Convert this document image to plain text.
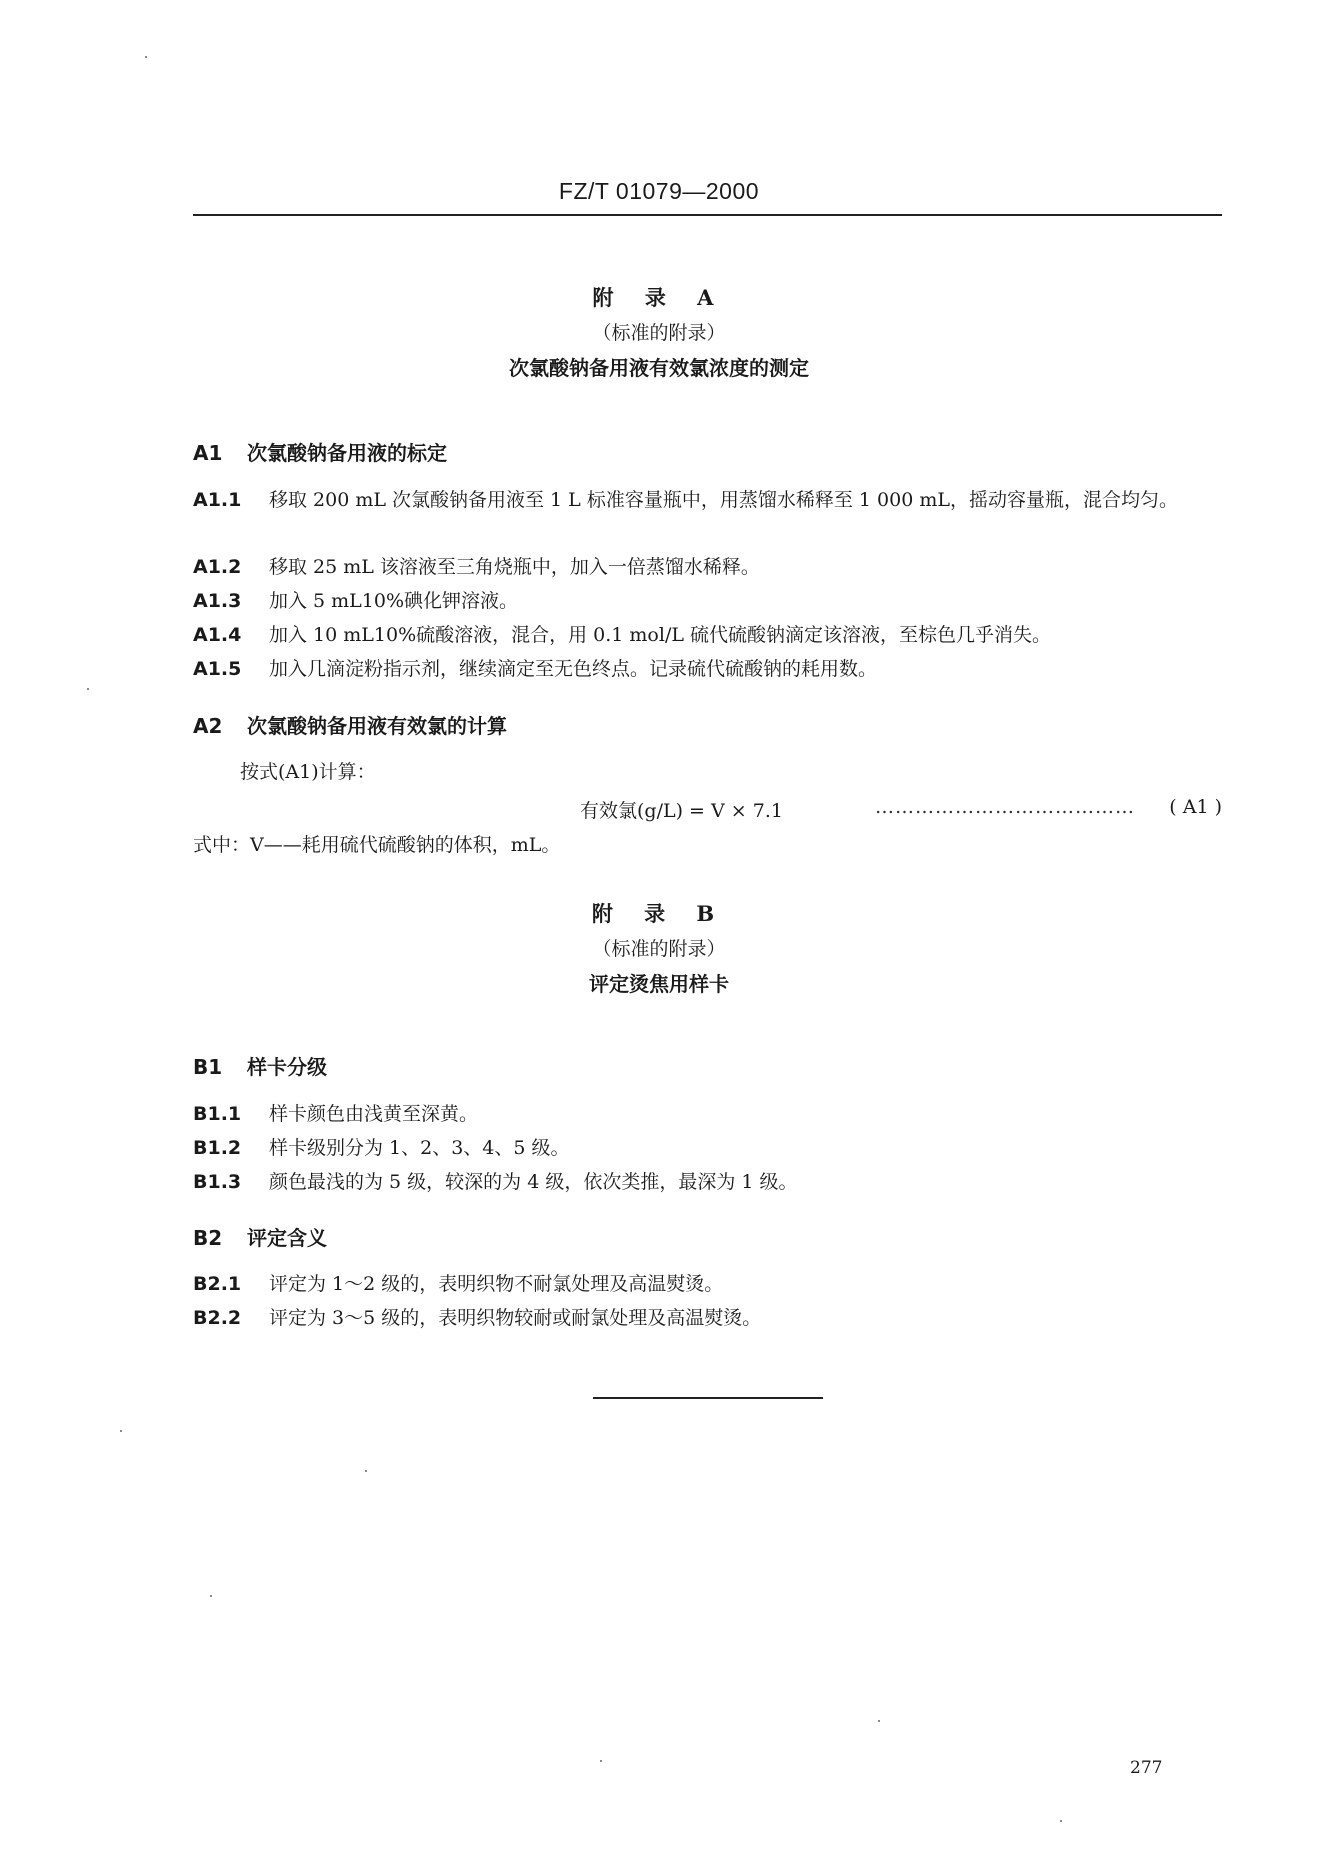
FZ/T 01079—2000
附 录 A
（标准的附录）
次氯酸钠备用液有效氯浓度的测定
A1 次氯酸钠备用液的标定
A1.1 移取 200 mL 次氯酸钠备用液至 1 L 标准容量瓶中，用蒸馏水稀释至 1 000 mL，摇动容量瓶，混合均匀。
A1.2 移取 25 mL 该溶液至三角烧瓶中，加入一倍蒸馏水稀释。
A1.3 加入 5 mL10%碘化钾溶液。
A1.4 加入 10 mL10%硫酸溶液，混合，用 0.1 mol/L 硫代硫酸钠滴定该溶液，至棕色几乎消失。
A1.5 加入几滴淀粉指示剂，继续滴定至无色终点。记录硫代硫酸钠的耗用数。
A2 次氯酸钠备用液有效氯的计算
按式(A1)计算：
有效氯(g/L) = V × 7.1	………………………………… ( A1 )
式中：V——耗用硫代硫酸钠的体积，mL。
附 录 B
（标准的附录）
评定烫焦用样卡
B1 样卡分级
B1.1 样卡颜色由浅黄至深黄。
B1.2 样卡级别分为 1、2、3、4、5 级。
B1.3 颜色最浅的为 5 级，较深的为 4 级，依次类推，最深为 1 级。
B2 评定含义
B2.1 评定为 1～2 级的，表明织物不耐氯处理及高温熨烫。
B2.2 评定为 3～5 级的，表明织物较耐或耐氯处理及高温熨烫。
277
